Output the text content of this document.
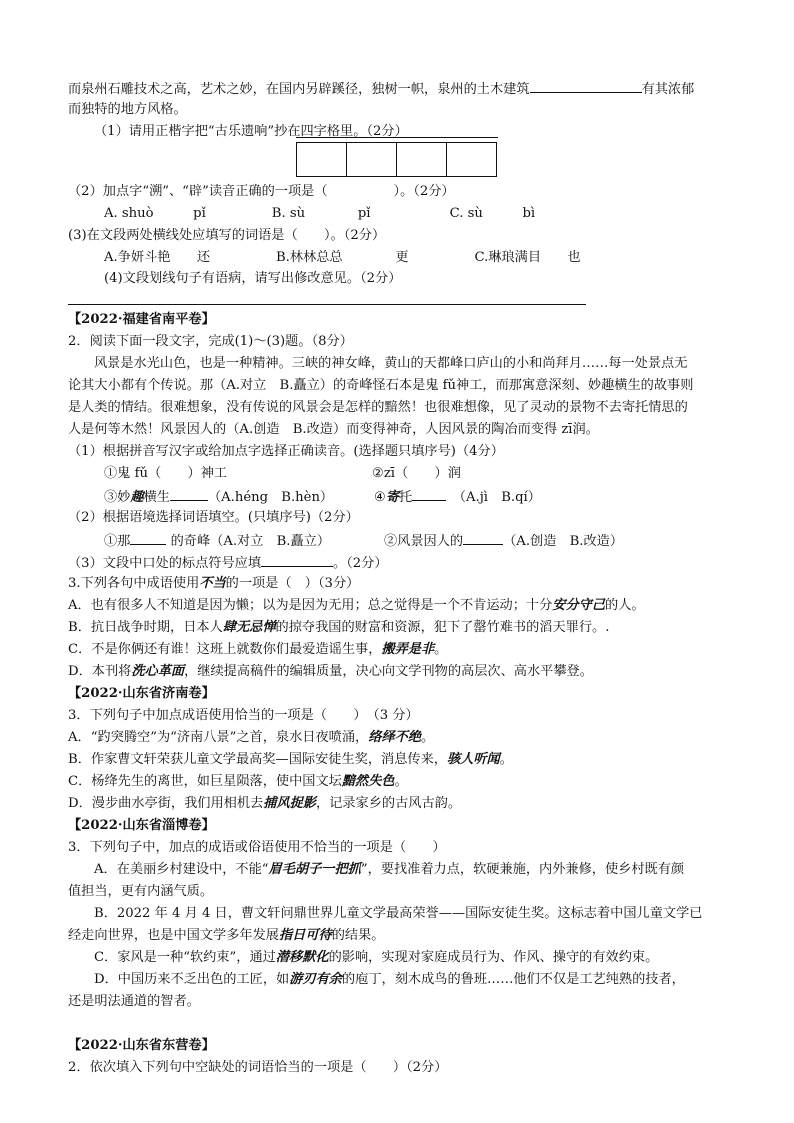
而泉州石雕技术之高，艺术之妙，在国内另辟蹊径，独树一帜，泉州的土木建筑	有其浓郁
而独特的地方风格。
（1）请用正楷字把“古乐遗响”抄在四字格里。（2分）
（2）加点字“溯”、“辟”读音正确的一项是（　　　　　）。（2分）
A. shuò　　　pǐ　　　　　B. sù　　　　pǐ　　　　　　C. sù　　　bì
(3)在文段两处横线处应填写的词语是（　　）。（2分）
A.争妍斗艳　　还　　　　　B.林林总总　　　　更　　　　　C.琳琅满目　　也
(4)文段划线句子有语病，请写出修改意见。（2分）
【2022·福建省南平卷】
2．阅读下面一段文字，完成(1)～(3)题。（8分）
风景是水光山色，也是一种精神。三峡的神女峰，黄山的天都峰口庐山的小和尚拜月……每一处景点无
论其大小都有个传说。那（A.对立　B.矗立）的奇峰怪石本是鬼 fǔ神工，而那寓意深刻、妙趣横生的故事则
是人类的情结。很难想象，没有传说的风景会是怎样的黯然！也很难想像，见了灵动的景物不去寄托情思的
人是何等木然！风景因人的（A.创造　B.改造）而变得神奇，人因风景的陶冶而变得 zī润。
（1）根据拼音写汉字或给加点字选择正确读音。(选择题只填序号)（4分）
①鬼 fǔ（　　）神工	②zī（　　）润
③妙趣横生	（A.héng　B.hèn）	④寄托　	（A.jì　B.qí）
（2）根据语境选择词语填空。(只填序号)（2分）
①那	的奇峰（A.对立　B.矗立）	②风景因人的	（A.创造　B.改造）
（3）文段中口处的标点符号应填	。（2分）
3.下列各句中成语使用不当的一项是（　）（3分）
A．也有很多人不知道是因为懒；以为是因为无用；总之觉得是一个不肯运动；十分安分守己的人。
B．抗日战争时期，日本人肆无忌惮的掠夺我国的财富和资源，犯下了罄竹难书的滔天罪行。.
C．不是你俩还有谁！这班上就数你们最爱造谣生事，搬弄是非。
D．本刊将洗心革面，继续提高稿件的编辑质量，决心向文学刊物的高层次、高水平攀登。
【2022·山东省济南卷】
3．下列句子中加点成语使用恰当的一项是（　　）　（3 分）
A．“趵突腾空”为“济南八景”之首，泉水日夜喷涌，络绎不绝。
B．作家曹文轩荣获儿童文学最高奖—国际安徒生奖，消息传来，骇人听闻。
C．杨绛先生的离世，如巨星陨落，使中国文坛黯然失色。
D．漫步曲水亭街，我们用相机去捕风捉影，记录家乡的古风古韵。
【2022·山东省淄博卷】
3．下列句子中，加点的成语或俗语使用不恰当的一项是（　　）
A．在美丽乡村建设中，不能“眉毛胡子一把抓”，要找准着力点，软硬兼施，内外兼修，使乡村既有颜
值担当，更有内涵气质。
B．2022 年 4 月 4 日，曹文轩问鼎世界儿童文学最高荣誉——国际安徒生奖。这标志着中国儿童文学已
经走向世界，也是中国文学多年发展指日可待的结果。
C．家风是一种“软约束”，通过潜移默化的影响，实现对家庭成员行为、作风、操守的有效约束。
D．中国历来不乏出色的工匠，如游刃有余的庖丁，刻木成鸟的鲁班……他们不仅是工艺纯熟的技者，
还是明法通道的智者。
【2022·山东省东营卷】
2．依次填入下列句中空缺处的词语恰当的一项是（　　）（2分）
